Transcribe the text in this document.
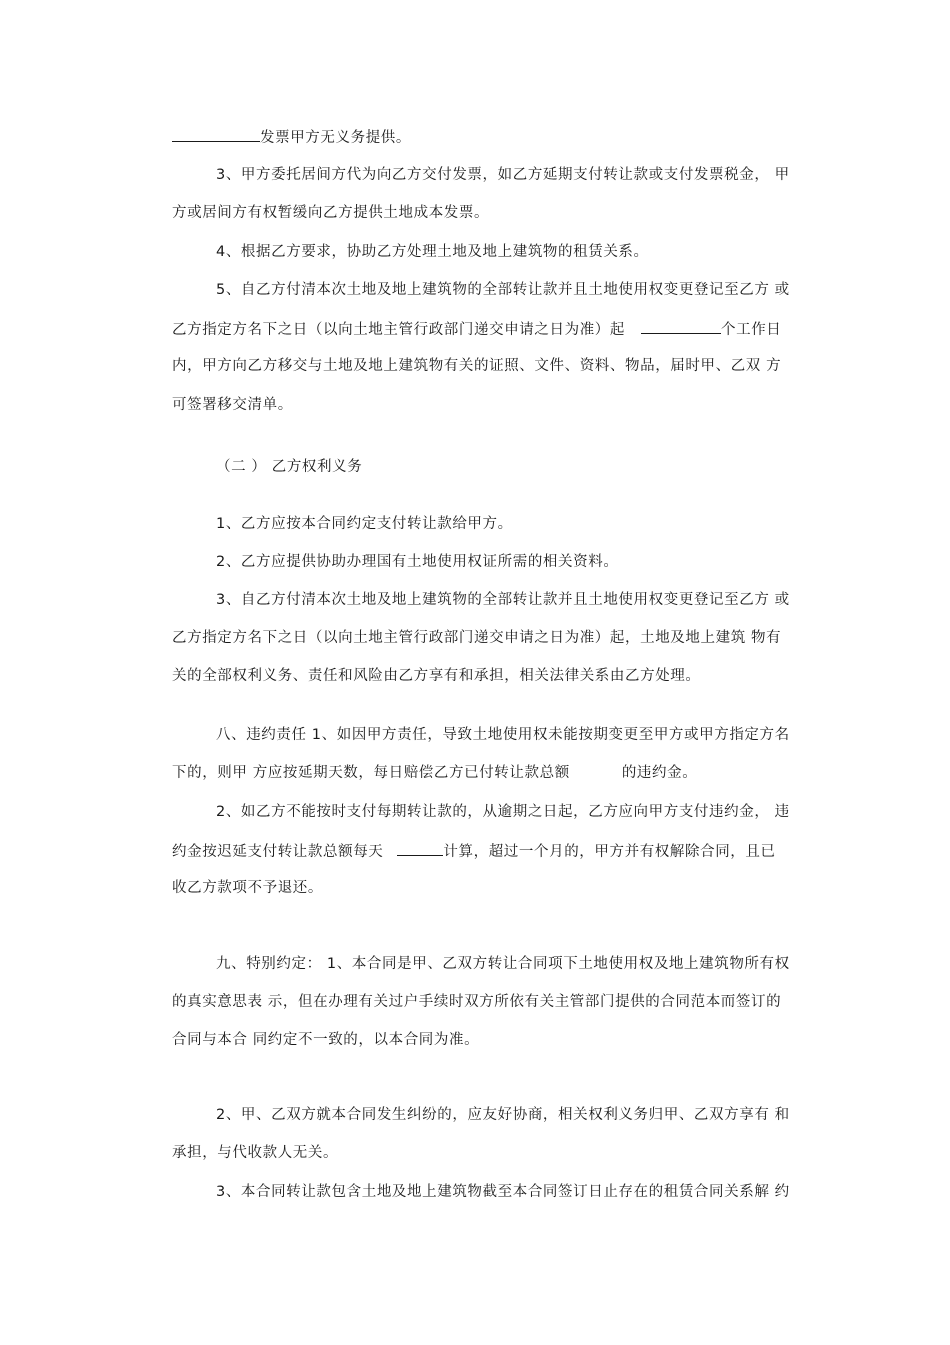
发票甲方无义务提供。
3、甲方委托居间方代为向乙方交付发票，如乙方延期支付转让款或支付发票税金， 甲
方或居间方有权暂缓向乙方提供土地成本发票。
4、根据乙方要求，协助乙方处理土地及地上建筑物的租赁关系。
5、自乙方付清本次土地及地上建筑物的全部转让款并且土地使用权变更登记至乙方 或
乙方指定方名下之日（以向土地主管行政部门递交申请之日为准）起	个工作日
内，甲方向乙方移交与土地及地上建筑物有关的证照、文件、资料、物品，届时甲、乙双 方
可签署移交清单。
（二 ） 乙方权利义务
1、乙方应按本合同约定支付转让款给甲方。
2、乙方应提供协助办理国有土地使用权证所需的相关资料。
3、自乙方付清本次土地及地上建筑物的全部转让款并且土地使用权变更登记至乙方 或
乙方指定方名下之日（以向土地主管行政部门递交申请之日为准）起，土地及地上建筑 物有
关的全部权利义务、责任和风险由乙方享有和承担，相关法律关系由乙方处理。
八、违约责任 1、如因甲方责任，导致土地使用权未能按期变更至甲方或甲方指定方名
下的，则甲 方应按延期天数，每日赔偿乙方已付转让款总额	的违约金。
2、如乙方不能按时支付每期转让款的，从逾期之日起，乙方应向甲方支付违约金， 违
约金按迟延支付转让款总额每天	计算，超过一个月的，甲方并有权解除合同，且已
收乙方款项不予退还。
九、特别约定： 1、本合同是甲、乙双方转让合同项下土地使用权及地上建筑物所有权
的真实意思表 示，但在办理有关过户手续时双方所依有关主管部门提供的合同范本而签订的
合同与本合 同约定不一致的，以本合同为准。
2、甲、乙双方就本合同发生纠纷的，应友好协商，相关权利义务归甲、乙双方享有 和
承担，与代收款人无关。
3、本合同转让款包含土地及地上建筑物截至本合同签订日止存在的租赁合同关系解 约
